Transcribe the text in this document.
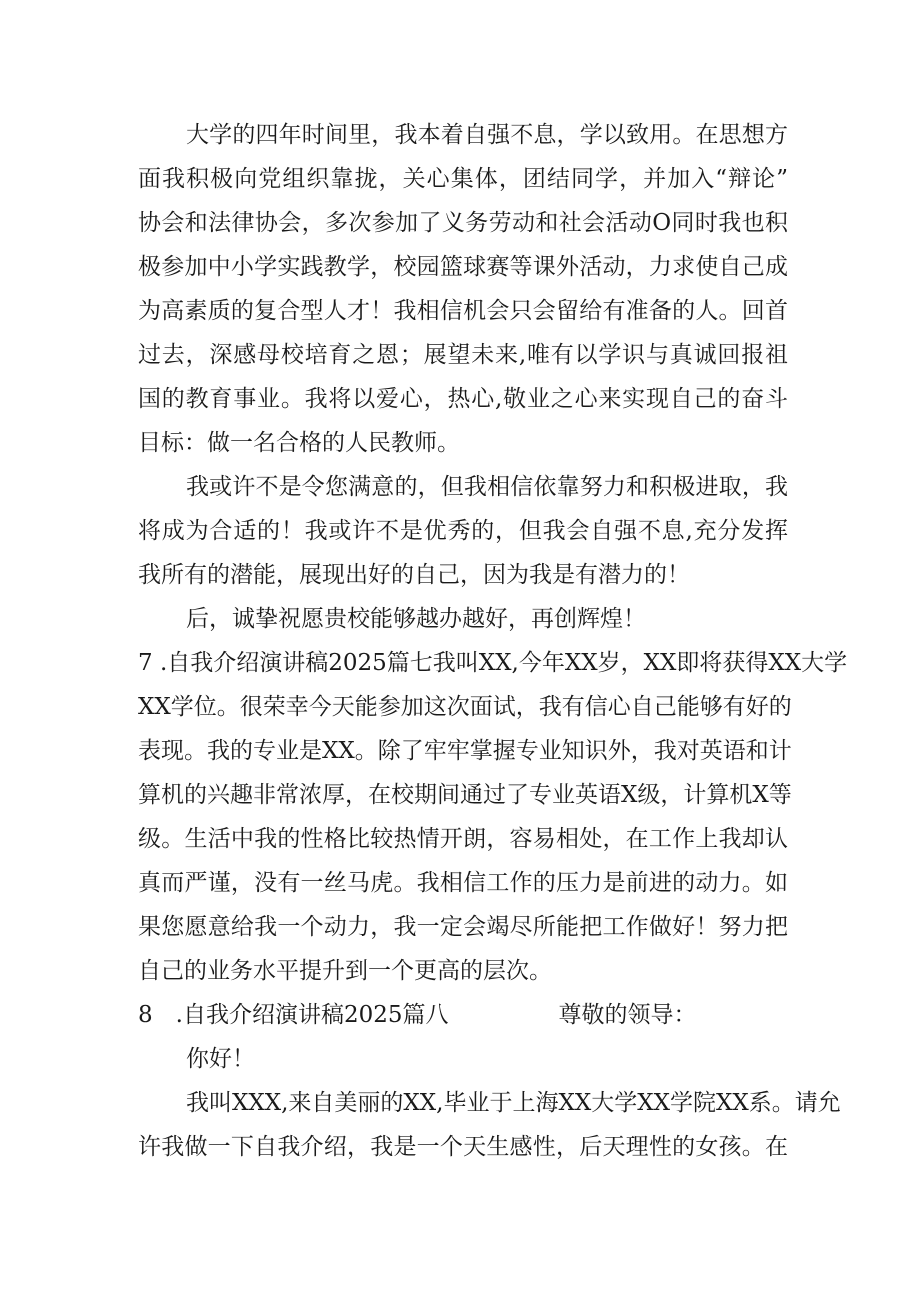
大学的四年时间里，我本着自强不息，学以致用。在思想方
面我积极向党组织靠拢，关心集体，团结同学，并加入“辩论”
协会和法律协会，多次参加了义务劳动和社会活动O同时我也积
极参加中小学实践教学，校园篮球赛等课外活动，力求使自己成
为高素质的复合型人才！我相信机会只会留给有准备的人。回首
过去，深感母校培育之恩；展望未来,唯有以学识与真诚回报祖
国的教育事业。我将以爱心，热心,敬业之心来实现自己的奋斗
目标：做一名合格的人民教师。
我或许不是令您满意的，但我相信依靠努力和积极进取，我
将成为合适的！我或许不是优秀的，但我会自强不息,充分发挥
我所有的潜能，展现出好的自己，因为我是有潜力的！
后，诚挚祝愿贵校能够越办越好，再创辉煌！
7 .自我介绍演讲稿2025篇七我叫XX,今年XX岁，XX即将获得XX大学
XX学位。很荣幸今天能参加这次面试，我有信心自己能够有好的
表现。我的专业是XX。除了牢牢掌握专业知识外，我对英语和计
算机的兴趣非常浓厚，在校期间通过了专业英语X级，计算机X等
级。生活中我的性格比较热情开朗，容易相处，在工作上我却认
真而严谨，没有一丝马虎。我相信工作的压力是前进的动力。如
果您愿意给我一个动力，我一定会竭尽所能把工作做好！努力把
自己的业务水平提升到一个更高的层次。
8　.自我介绍演讲稿2025篇八	尊敬的领导：
你好！
我叫XXX,来自美丽的XX,毕业于上海XX大学XX学院XX系。请允
许我做一下自我介绍，我是一个天生感性，后天理性的女孩。在
